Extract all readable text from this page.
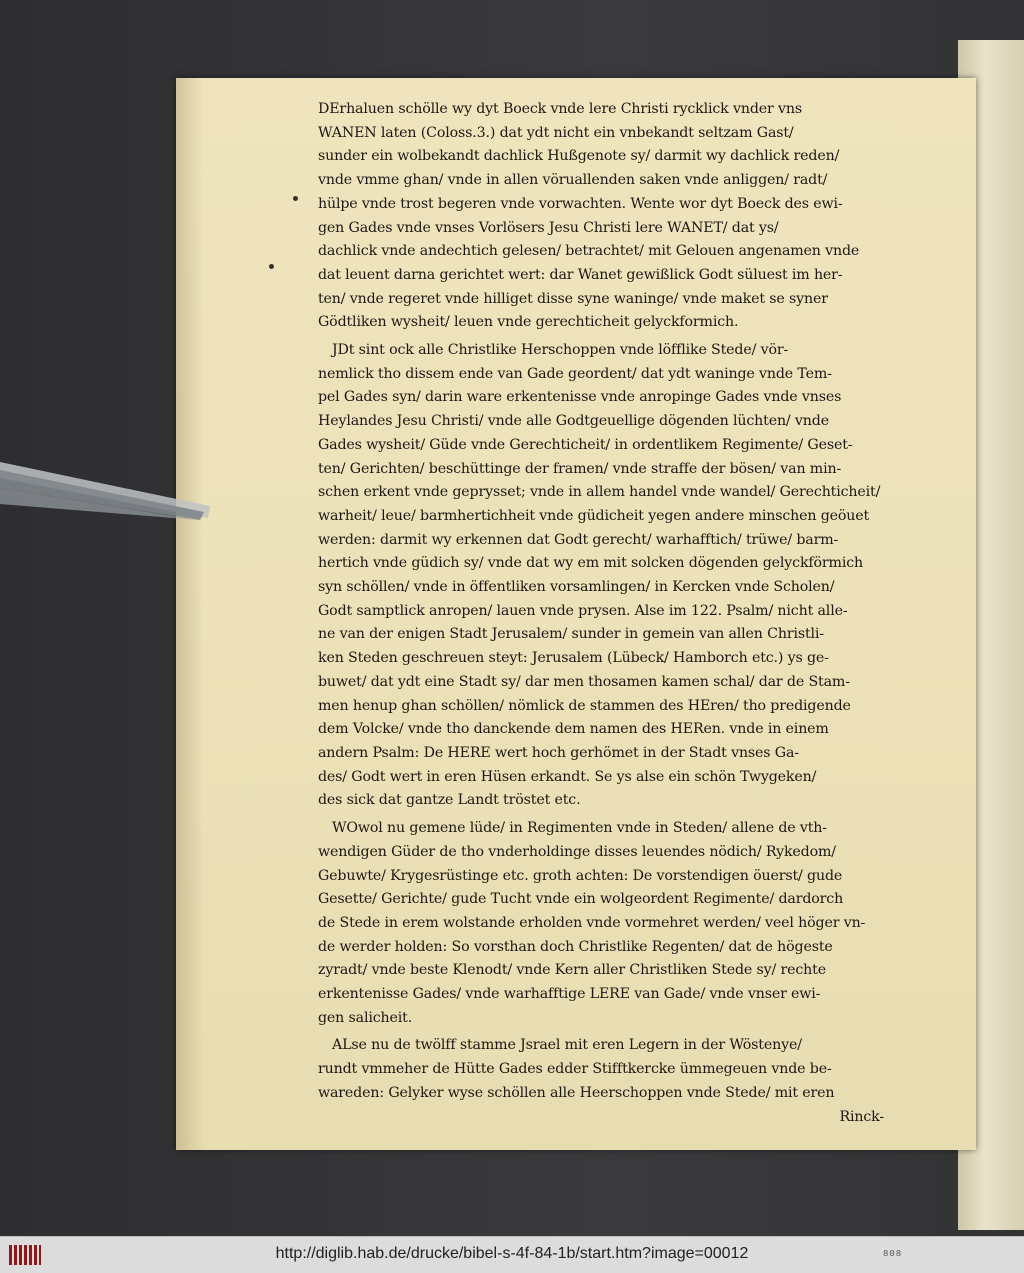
DErhaluen schölle wy dyt Boeck vnde lere Christi rycklick vnder vns
WANEN laten (Coloss.3.) dat ydt nicht ein vnbekandt seltzam Gast/
sunder ein wolbekandt dachlick Hußgenote sy/ darmit wy dachlick reden/
vnde vmme ghan/ vnde in allen vöruallenden saken vnde anliggen/ radt/
hülpe vnde trost begeren vnde vorwachten. Wente wor dyt Boeck des ewi-
gen Gades vnde vnses Vorlösers Jesu Christi lere WANET/ dat ys/
dachlick vnde andechtich gelesen/ betrachtet/ mit Gelouen angenamen vnde
dat leuent darna gerichtet wert: dar Wanet gewißlick Godt süluest im her-
ten/ vnde regeret vnde hilliget disse syne waninge/ vnde maket se syner
Gödtliken wysheit/ leuen vnde gerechticheit gelyckformich.
JDt sint ock alle Christlike Herschoppen vnde löfflike Stede/ vör-
nemlick tho dissem ende van Gade geordent/ dat ydt waninge vnde Tem-
pel Gades syn/ darin ware erkentenisse vnde anropinge Gades vnde vnses
Heylandes Jesu Christi/ vnde alle Godtgeuellige dögenden lüchten/ vnde
Gades wysheit/ Güde vnde Gerechticheit/ in ordentlikem Regimente/ Geset-
ten/ Gerichten/ beschüttinge der framen/ vnde straffe der bösen/ van min-
schen erkent vnde geprysset; vnde in allem handel vnde wandel/ Gerechticheit/
warheit/ leue/ barmhertichheit vnde güdicheit yegen andere minschen geöuet
werden: darmit wy erkennen dat Godt gerecht/ warhafftich/ trüwe/ barm-
hertich vnde güdich sy/ vnde dat wy em mit solcken dögenden gelyckförmich
syn schöllen/ vnde in öffentliken vorsamlingen/ in Kercken vnde Scholen/
Godt samptlick anropen/ lauen vnde prysen. Alse im 122. Psalm/ nicht alle-
ne van der enigen Stadt Jerusalem/ sunder in gemein van allen Christli-
ken Steden geschreuen steyt: Jerusalem (Lübeck/ Hamborch etc.) ys ge-
buwet/ dat ydt eine Stadt sy/ dar men thosamen kamen schal/ dar de Stam-
men henup ghan schöllen/ nömlick de stammen des HEren/ tho predigende
dem Volcke/ vnde tho danckende dem namen des HERen. vnde in einem
andern Psalm: De HERE wert hoch gerhömet in der Stadt vnses Ga-
des/ Godt wert in eren Hüsen erkandt. Se ys alse ein schön Twygeken/
des sick dat gantze Landt tröstet etc.
WOwol nu gemene lüde/ in Regimenten vnde in Steden/ allene de vth-
wendigen Güder de tho vnderholdinge disses leuendes nödich/ Rykedom/
Gebuwte/ Krygesrüstinge etc. groth achten: De vorstendigen öuerst/ gude
Gesette/ Gerichte/ gude Tucht vnde ein wolgeordent Regimente/ dardorch
de Stede in erem wolstande erholden vnde vormehret werden/ veel höger vn-
de werder holden: So vorsthan doch Christlike Regenten/ dat de högeste
zyradt/ vnde beste Klenodt/ vnde Kern aller Christliken Stede sy/ rechte
erkentenisse Gades/ vnde warhafftige LERE van Gade/ vnde vnser ewi-
gen salicheit.
ALse nu de twölff stamme Jsrael mit eren Legern in der Wöstenye/
rundt vmmeher de Hütte Gades edder Stifftkercke ümmegeuen vnde be-
wareden: Gelyker wyse schöllen alle Heerschoppen vnde Stede/ mit eren
Rinck-
http://diglib.hab.de/drucke/bibel-s-4f-84-1b/start.htm?image=00012	808
